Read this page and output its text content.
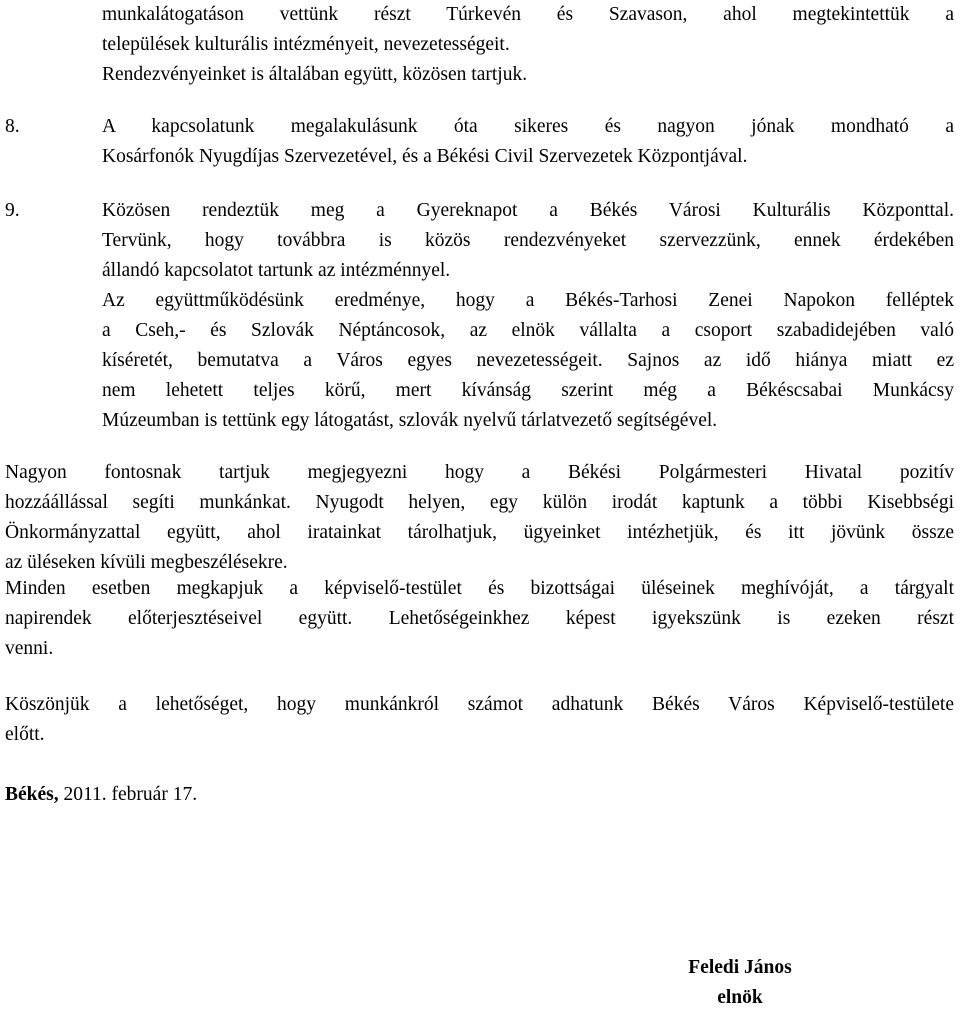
munkalátogatáson vettünk részt Túrkevén és Szavason, ahol megtekintettük a
települések kulturális intézményeit, nevezetességeit.
Rendezvényeinket is általában együtt, közösen tartjuk.
8.	A kapcsolatunk megalakulásunk óta sikeres és nagyon jónak mondható a
Kosárfonók Nyugdíjas Szervezetével, és a Békési Civil Szervezetek Központjával.
9.	Közösen rendeztük meg a Gyereknapot a Békés Városi Kulturális Központtal.
Tervünk, hogy továbbra is közös rendezvényeket szervezzünk, ennek érdekében
állandó kapcsolatot tartunk az intézménnyel.
Az együttműködésünk eredménye, hogy a Békés-Tarhosi Zenei Napokon felléptek
a Cseh,- és Szlovák Néptáncosok, az elnök vállalta a csoport szabadidejében való
kíséretét, bemutatva a Város egyes nevezetességeit. Sajnos az idő hiánya miatt ez
nem lehetett teljes körű, mert kívánság szerint még a Békéscsabai Munkácsy
Múzeumban is tettünk egy látogatást, szlovák nyelvű tárlatvezető segítségével.
Nagyon fontosnak tartjuk megjegyezni hogy a Békési Polgármesteri Hivatal pozitív
hozzáállással segíti munkánkat. Nyugodt helyen, egy külön irodát kaptunk a többi Kisebbségi
Önkormányzattal együtt, ahol iratainkat tárolhatjuk, ügyeinket intézhetjük, és itt jövünk össze
az üléseken kívüli megbeszélésekre.
Minden esetben megkapjuk a képviselő-testület és bizottságai üléseinek meghívóját, a tárgyalt
napirendek előterjesztéseivel együtt. Lehetőségeinkhez képest igyekszünk is ezeken részt
venni.
Köszönjük a lehetőséget, hogy munkánkról számot adhatunk Békés Város Képviselő-testülete
előtt.
Békés, 2011. február 17.
Feledi János
elnök
